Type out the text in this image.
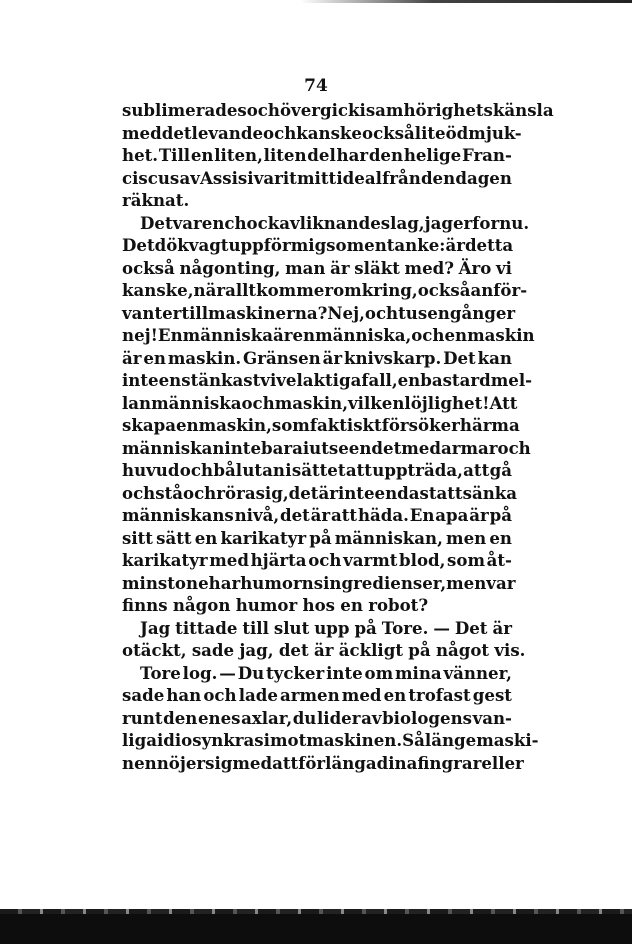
74
sublimerades och övergick i samhörighetskänsla
med det levande och kanske också lite ödmjuk-
het. Till en liten, liten del har den helige Fran-
ciscus av Assisi varit mitt ideal från den dagen
räknat.
Det var en chock av liknande slag, jag erfor nu.
Det dök vagt upp för mig som en tanke: är detta
också någonting, man är släkt med? Äro vi
kanske, när allt kommer omkring, också anför-
vanter till maskinerna? Nej, och tusen gånger
nej! En människa är en människa, och en maskin
är en maskin. Gränsen är knivskarp. Det kan
inte ens tänkas tvivelaktiga fall, en bastard mel-
lan människa och maskin, vilken löjlighet! Att
skapa en maskin, som faktiskt försöker härma
människan inte bara i utseendet med armar och
huvud och bål utan i sättet att uppträda, att gå
och stå och röra sig, det är inte endast att sänka
människans nivå, det är att häda. En apa är på
sitt sätt en karikatyr på människan, men en
karikatyr med hjärta och varmt blod, som åt-
minstone har humorns ingredienser, men var
finns någon humor hos en robot?
Jag tittade till slut upp på Tore. — Det är
otäckt, sade jag, det är äckligt på något vis.
Tore log. — Du tycker inte om mina vänner,
sade han och lade armen med en trofast gest
runt den enes axlar, du lider av biologens van-
liga idiosynkrasi mot maskinen. Så länge maski-
nen nöjer sig med att förlänga dina fingrar eller
